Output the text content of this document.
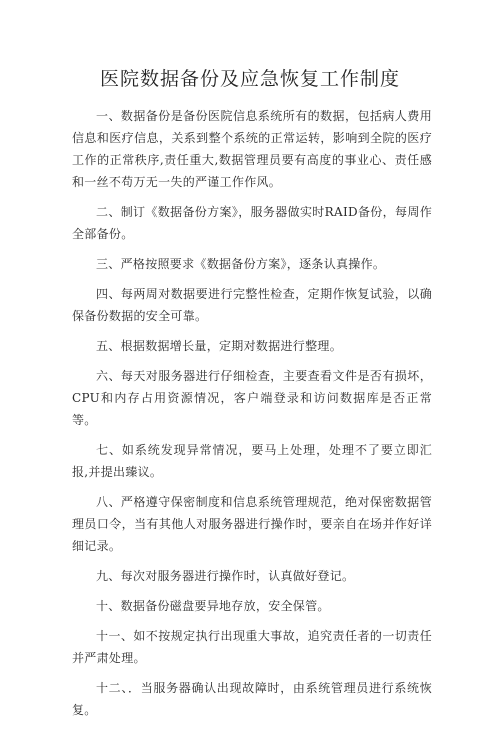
医院数据备份及应急恢复工作制度

一、数据备份是备份医院信息系统所有的数据，包括病人费用信息和医疗信息，关系到整个系统的正常运转，影响到全院的医疗工作的正常秩序,责任重大,数据管理员要有高度的事业心、责任感和一丝不苟万无一失的严谨工作作风。

二、制订《数据备份方案》，服务器做实时RAID备份，每周作全部备份。

三、严格按照要求《数据备份方案》，逐条认真操作。

四、每两周对数据要进行完整性检查，定期作恢复试验，以确保备份数据的安全可靠。

五、根据数据增长量，定期对数据进行整理。

六、每天对服务器进行仔细检查，主要查看文件是否有损坏，CPU和内存占用资源情况，客户端登录和访问数据库是否正常等。

七、如系统发现异常情况，要马上处理，处理不了要立即汇报,并提出臻议。

八、严格遵守保密制度和信息系统管理规范，绝对保密数据管理员口令，当有其他人对服务器进行操作时，要亲自在场并作好详细记录。

九、每次对服务器进行操作时，认真做好登记。

十、数据备份磁盘要异地存放，安全保管。

十一、如不按规定执行出现重大事故，追究责任者的一切责任并严肃处理。

十二、．当服务器确认出现故障时，由系统管理员进行系统恢复。
